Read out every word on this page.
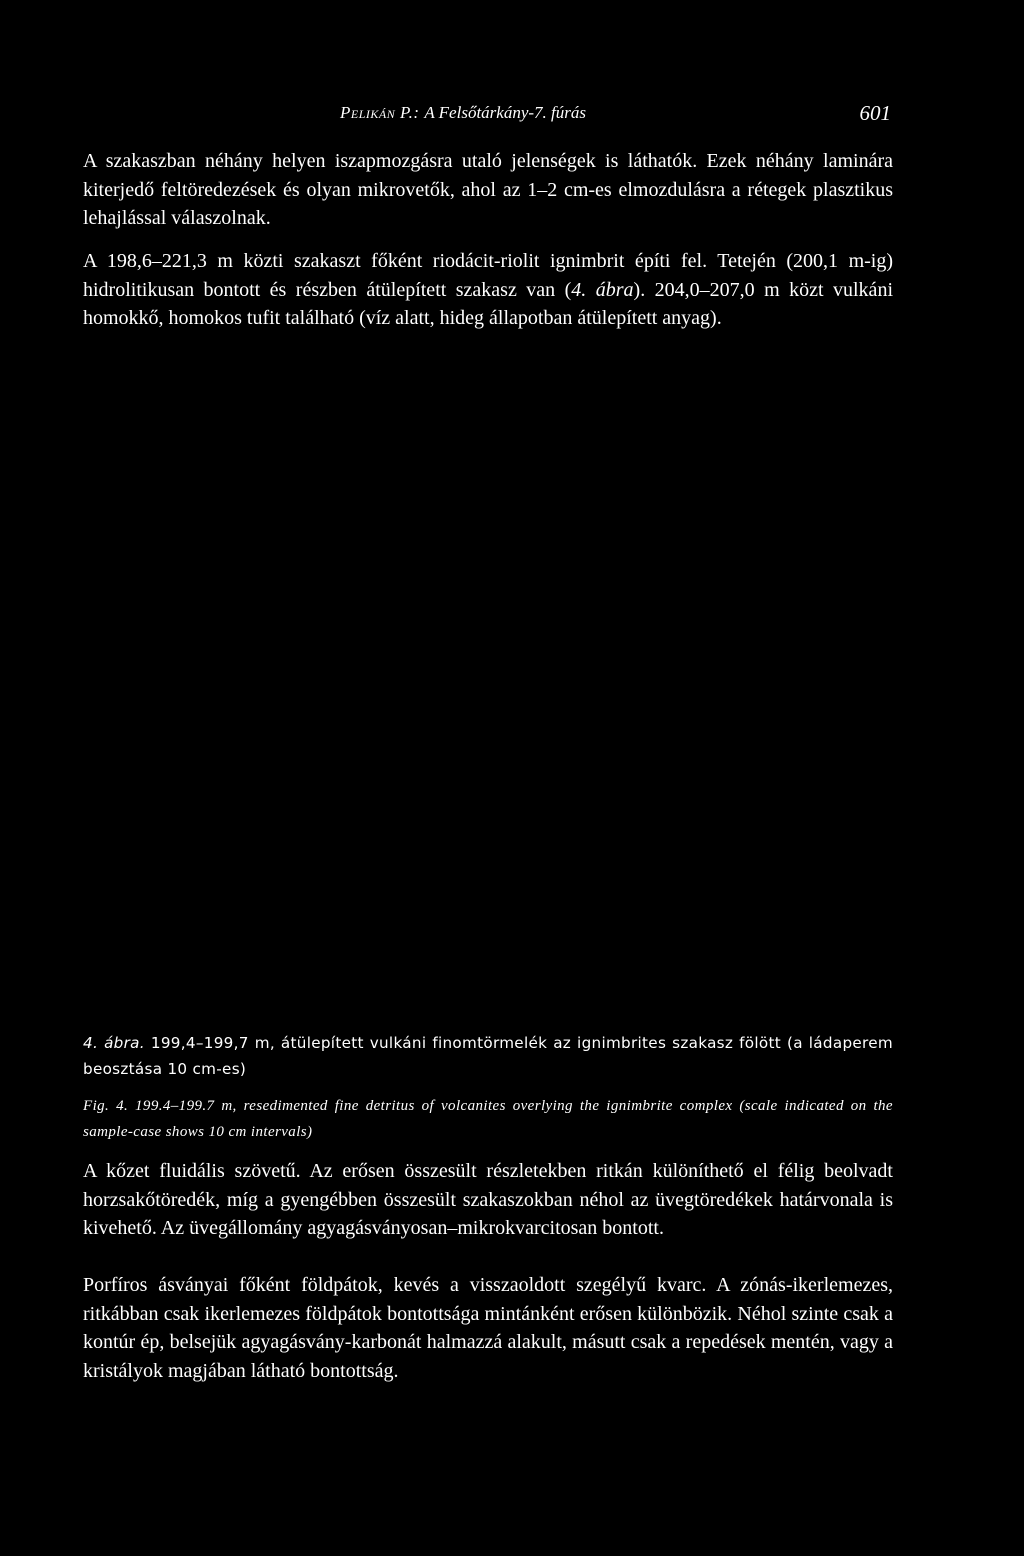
Pelikán P.: A Felsőtárkány-7. fúrás	601

A szakaszban néhány helyen iszapmozgásra utaló jelenségek is láthatók. Ezek néhány laminára kiterjedő feltöredezések és olyan mikrovetők, ahol az 1–2 cm-es elmozdulásra a rétegek plasztikus lehajlással válaszolnak.

A 198,6–221,3 m közti szakaszt főként riodácit-riolit ignimbrit építi fel. Tetején (200,1 m-ig) hidrolitikusan bontott és részben átülepített szakasz van (4. ábra). 204,0–207,0 m közt vulkáni homokkő, homokos tufit található (víz alatt, hideg állapotban átülepített anyag).

4. ábra. 199,4–199,7 m, átülepített vulkáni finomtörmelék az ignimbrites szakasz fölött (a ládaperem beosztása 10 cm-es)

Fig. 4. 199.4–199.7 m, resedimented fine detritus of volcanites overlying the ignimbrite complex (scale indicated on the sample-case shows 10 cm intervals)

A kőzet fluidális szövetű. Az erősen összesült részletekben ritkán különíthető el félig beolvadt horzsakőtöredék, míg a gyengébben összesült szakaszokban néhol az üvegtöredékek határvonala is kivehető. Az üvegállomány agyagásványosan–mikrokvarcitosan bontott.

Porfíros ásványai főként földpátok, kevés a visszaoldott szegélyű kvarc. A zónás-ikerlemezes, ritkábban csak ikerlemezes földpátok bontottsága mintánként erősen különbözik. Néhol szinte csak a kontúr ép, belsejük agyagásvány-karbonát halmazzá alakult, másutt csak a repedések mentén, vagy a kristályok magjában látható bontottság.
